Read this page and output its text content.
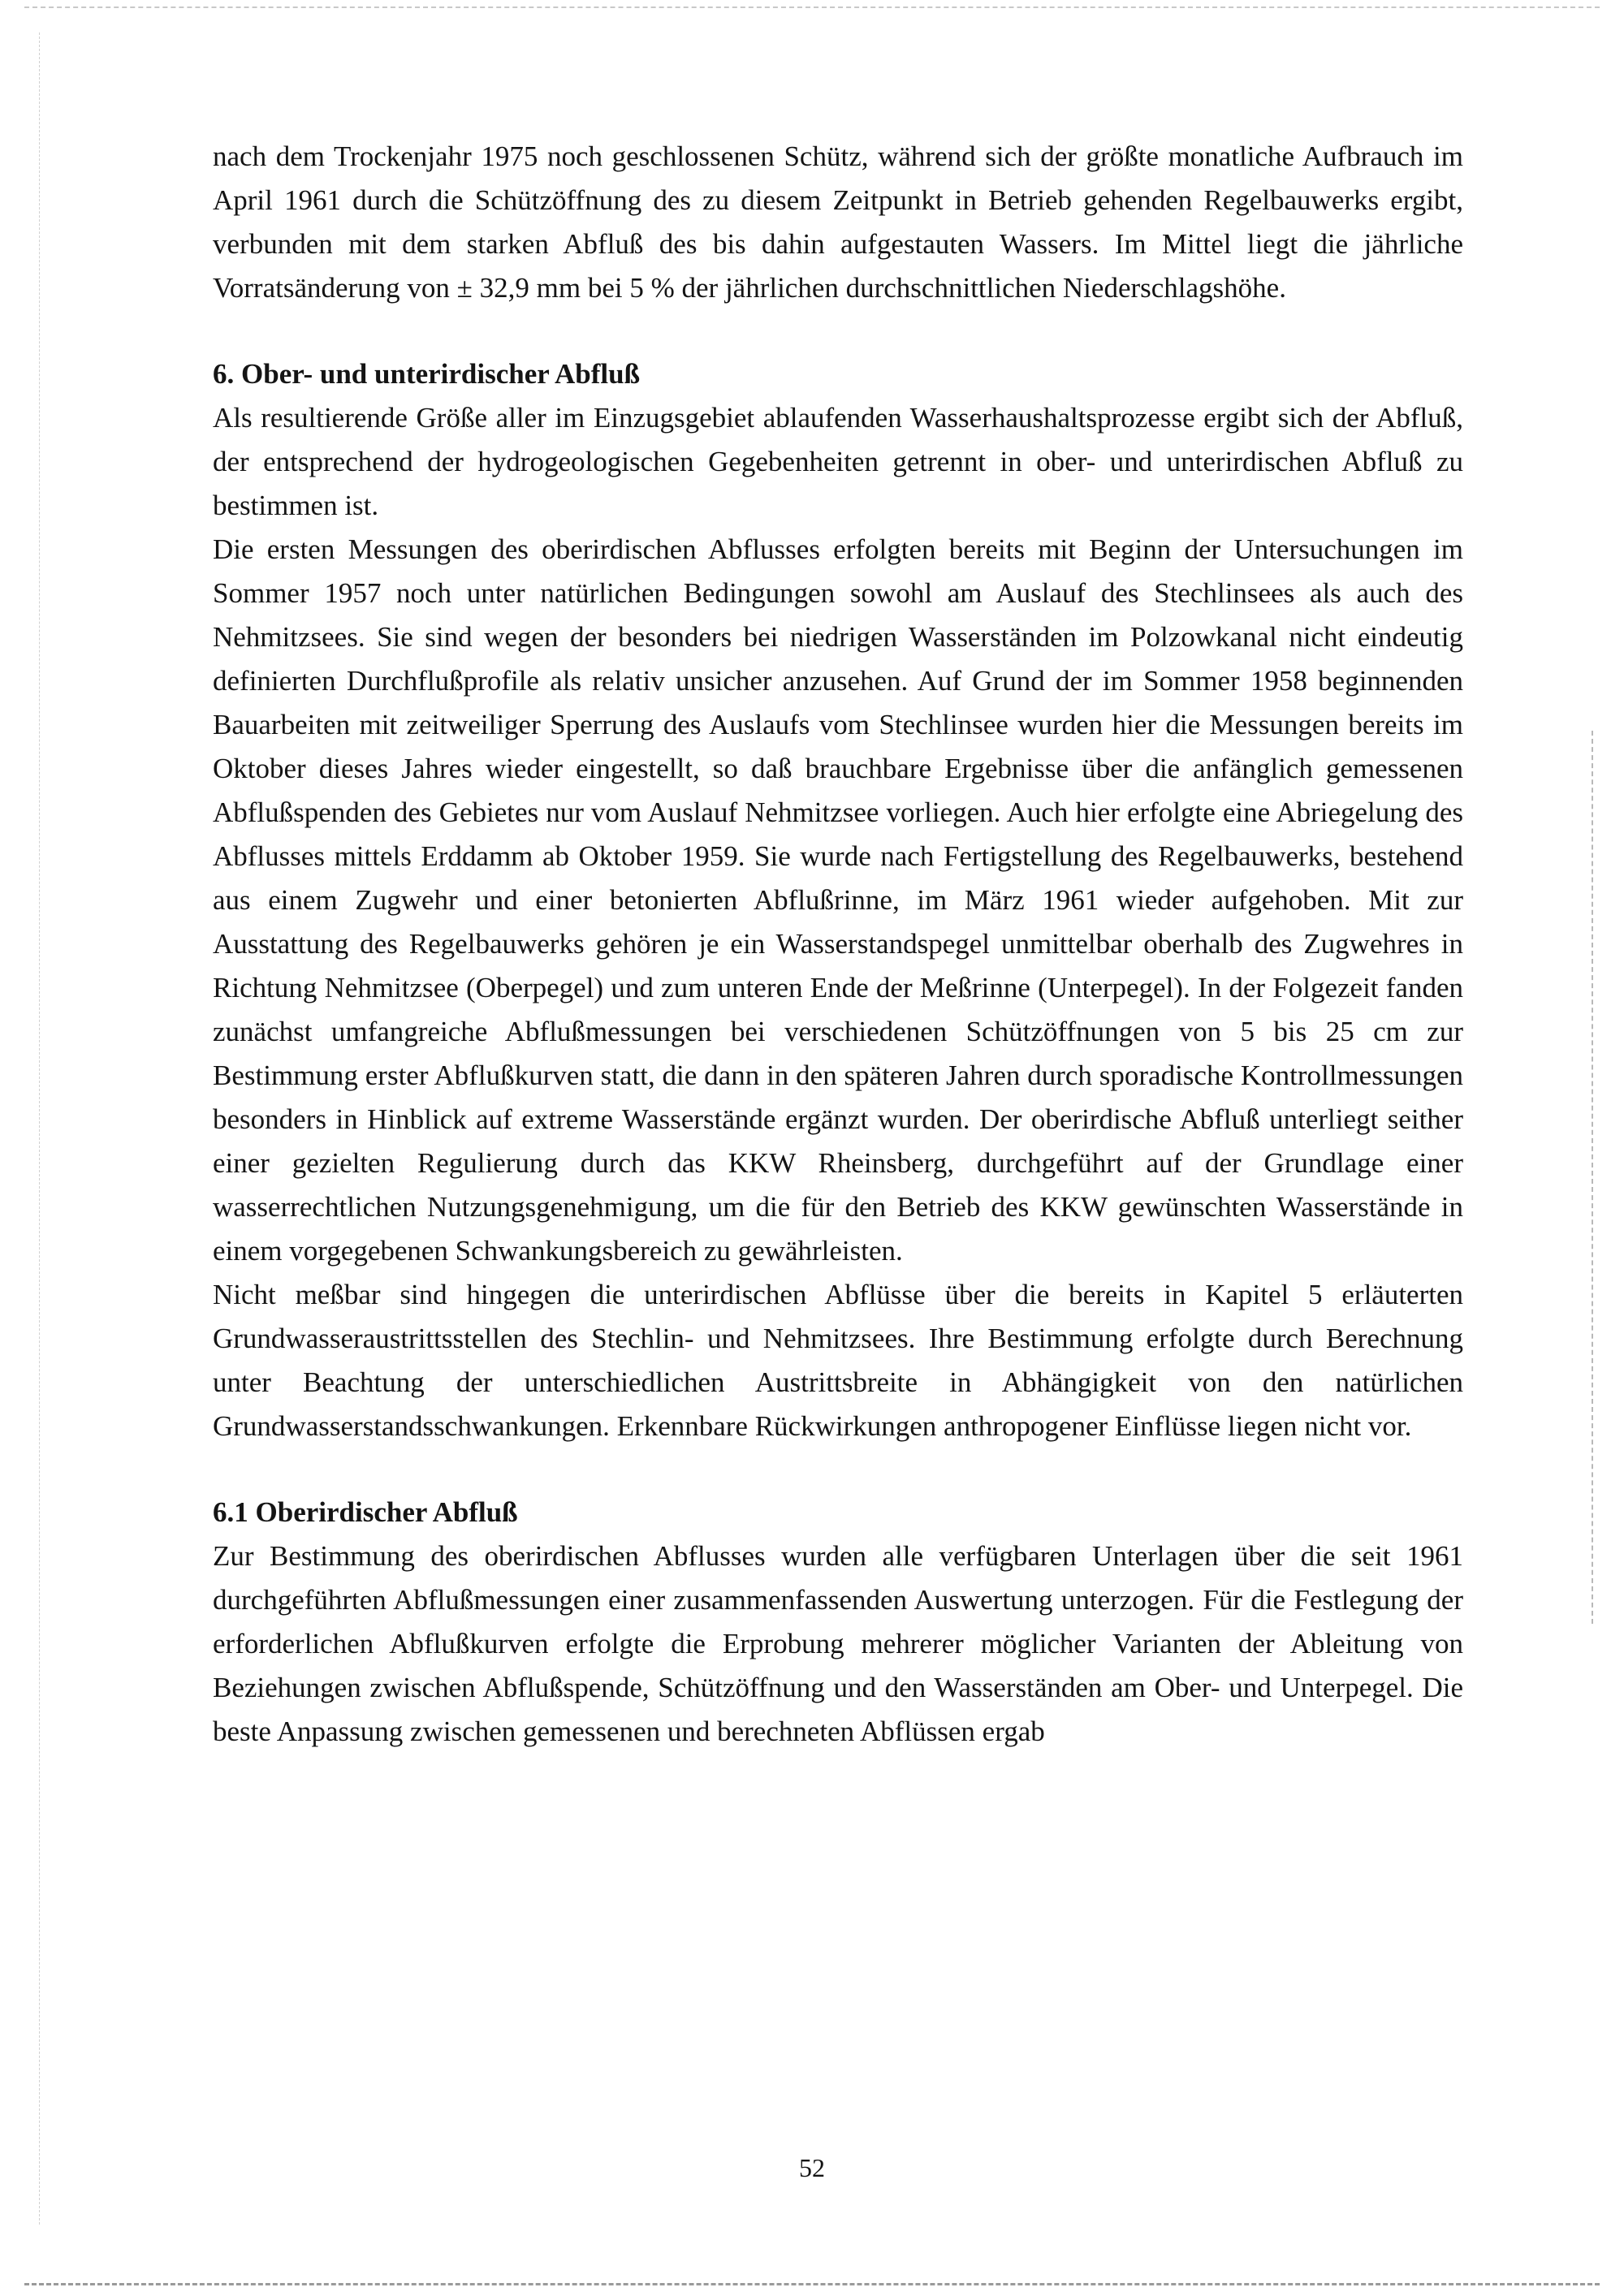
nach dem Trockenjahr 1975 noch geschlossenen Schütz, während sich der größte monatliche Aufbrauch im April 1961 durch die Schützöffnung des zu diesem Zeitpunkt in Betrieb gehenden Regelbauwerks ergibt, verbunden mit dem starken Abfluß des bis dahin aufgestauten Wassers. Im Mittel liegt die jährliche Vorratsänderung von ± 32,9 mm bei 5 % der jährlichen durchschnittlichen Niederschlagshöhe.

6. Ober- und unterirdischer Abfluß

Als resultierende Größe aller im Einzugsgebiet ablaufenden Wasserhaushaltsprozesse ergibt sich der Abfluß, der entsprechend der hydrogeologischen Gegebenheiten getrennt in ober- und unterirdischen Abfluß zu bestimmen ist.

Die ersten Messungen des oberirdischen Abflusses erfolgten bereits mit Beginn der Untersuchungen im Sommer 1957 noch unter natürlichen Bedingungen sowohl am Auslauf des Stechlinsees als auch des Nehmitzsees. Sie sind wegen der besonders bei niedrigen Wasserständen im Polzowkanal nicht eindeutig definierten Durchflußprofile als relativ unsicher anzusehen. Auf Grund der im Sommer 1958 beginnenden Bauarbeiten mit zeitweiliger Sperrung des Auslaufs vom Stechlinsee wurden hier die Messungen bereits im Oktober dieses Jahres wieder eingestellt, so daß brauchbare Ergebnisse über die anfänglich gemessenen Abflußspenden des Gebietes nur vom Auslauf Nehmitzsee vorliegen. Auch hier erfolgte eine Abriegelung des Abflusses mittels Erddamm ab Oktober 1959. Sie wurde nach Fertigstellung des Regelbauwerks, bestehend aus einem Zugwehr und einer betonierten Abflußrinne, im März 1961 wieder aufgehoben. Mit zur Ausstattung des Regelbauwerks gehören je ein Wasserstandspegel unmittelbar oberhalb des Zugwehres in Richtung Nehmitzsee (Oberpegel) und zum unteren Ende der Meßrinne (Unterpegel). In der Folgezeit fanden zunächst umfangreiche Abflußmessungen bei verschiedenen Schützöffnungen von 5 bis 25 cm zur Bestimmung erster Abflußkurven statt, die dann in den späteren Jahren durch sporadische Kontrollmessungen besonders in Hinblick auf extreme Wasserstände ergänzt wurden. Der oberirdische Abfluß unterliegt seither einer gezielten Regulierung durch das KKW Rheinsberg, durchgeführt auf der Grundlage einer wasserrechtlichen Nutzungsgenehmigung, um die für den Betrieb des KKW gewünschten Wasserstände in einem vorgegebenen Schwankungsbereich zu gewährleisten.

Nicht meßbar sind hingegen die unterirdischen Abflüsse über die bereits in Kapitel 5 erläuterten Grundwasseraustrittsstellen des Stechlin- und Nehmitzsees. Ihre Bestimmung erfolgte durch Berechnung unter Beachtung der unterschiedlichen Austrittsbreite in Abhängigkeit von den natürlichen Grundwasserstandsschwankungen. Erkennbare Rückwirkungen anthropogener Einflüsse liegen nicht vor.

6.1 Oberirdischer Abfluß

Zur Bestimmung des oberirdischen Abflusses wurden alle verfügbaren Unterlagen über die seit 1961 durchgeführten Abflußmessungen einer zusammenfassenden Auswertung unterzogen. Für die Festlegung der erforderlichen Abflußkurven erfolgte die Erprobung mehrerer möglicher Varianten der Ableitung von Beziehungen zwischen Abflußspende, Schützöffnung und den Wasserständen am Ober- und Unterpegel. Die beste Anpassung zwischen gemessenen und berechneten Abflüssen ergab

52
